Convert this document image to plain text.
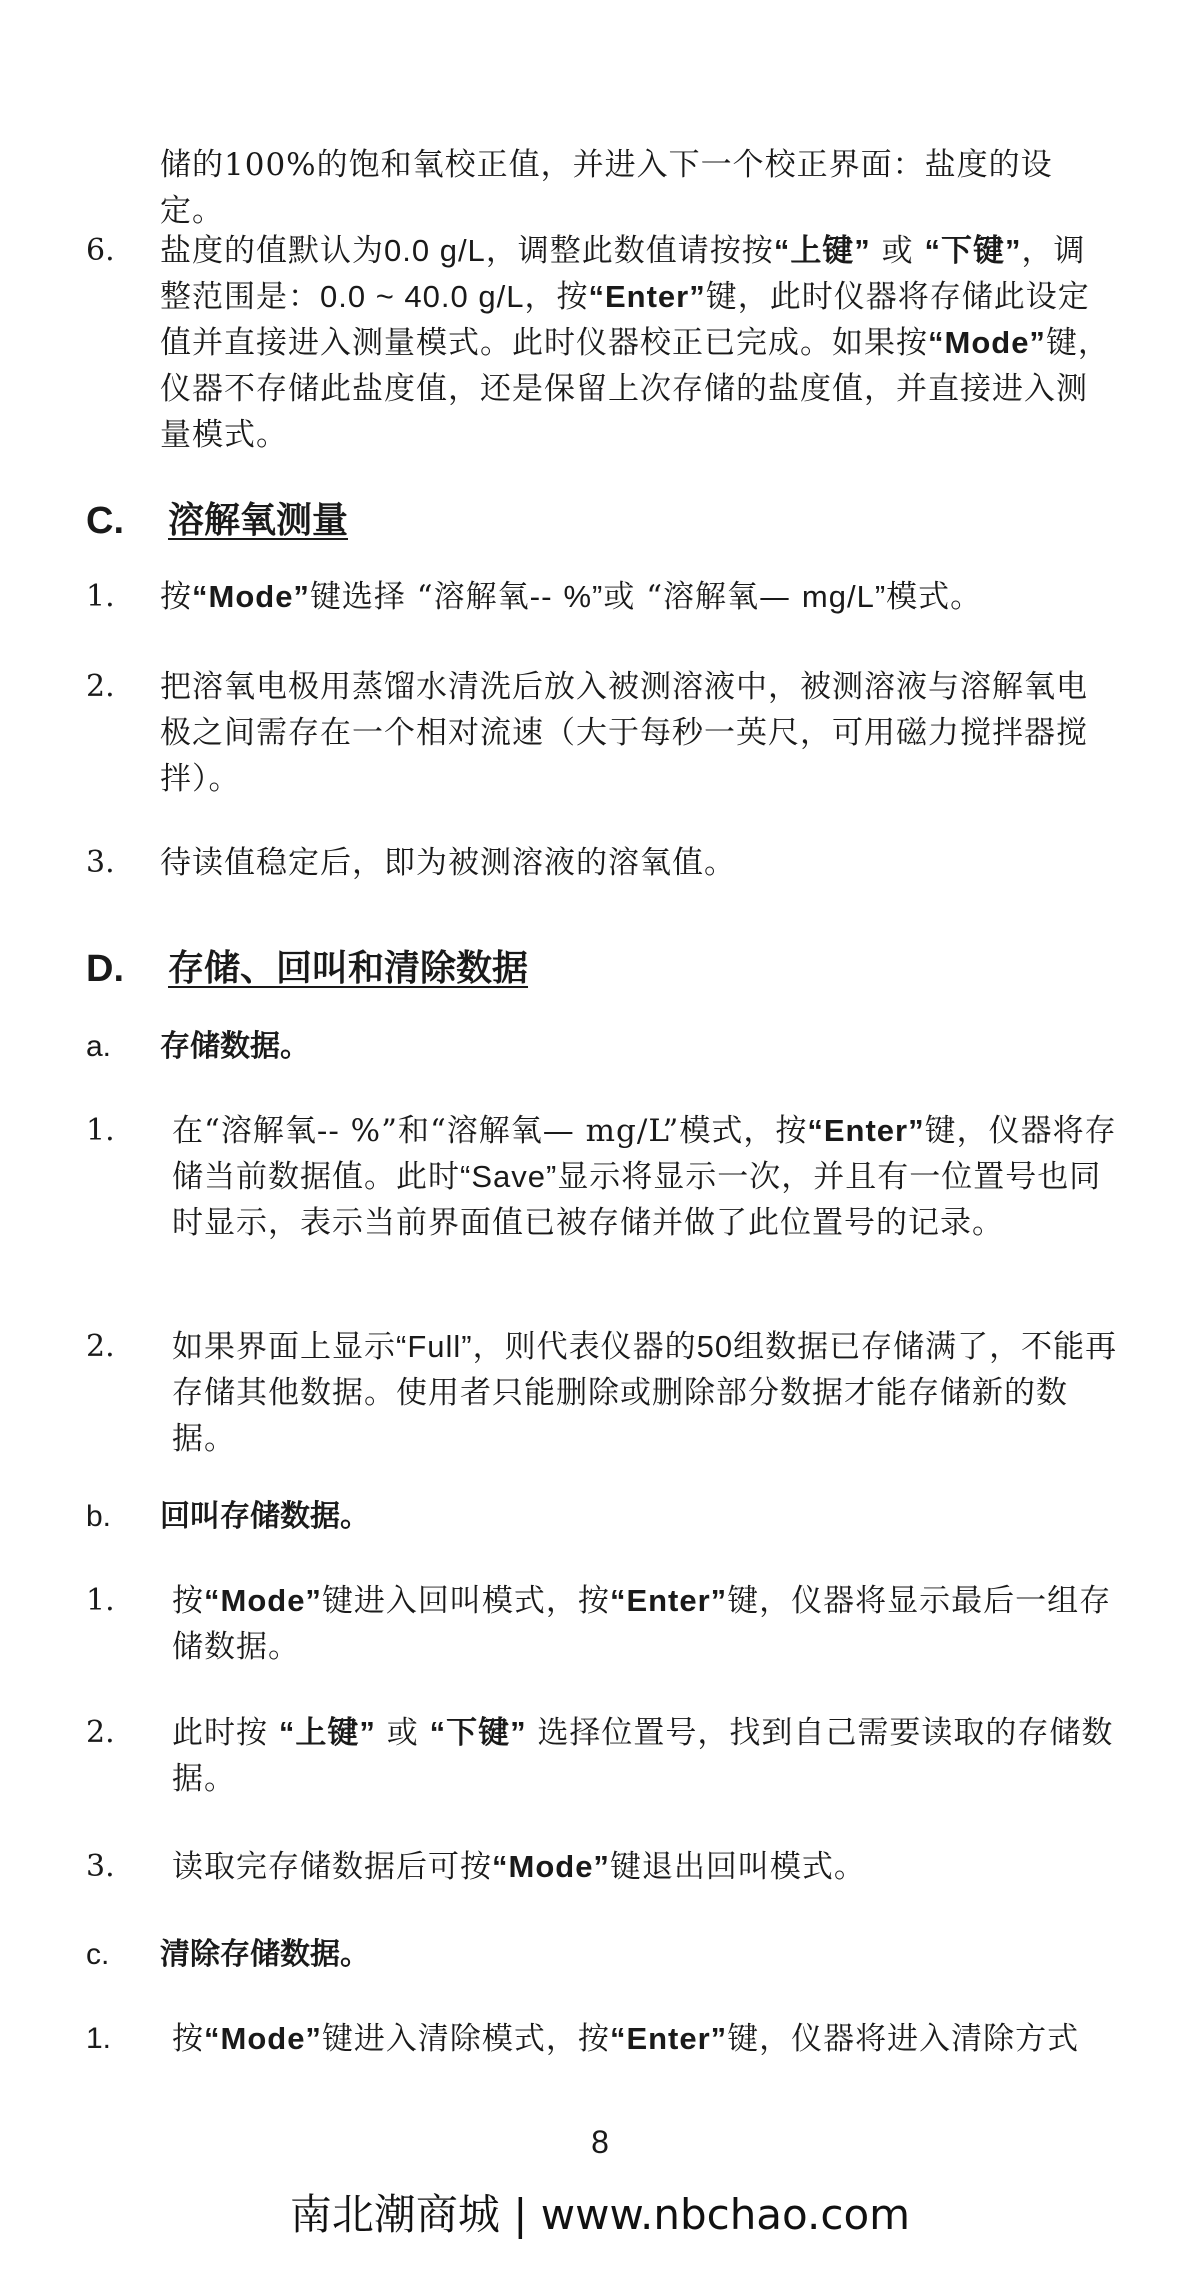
储的100%的饱和氧校正值，并进入下一个校正界面：盐度的设定。
6. 盐度的值默认为0.0 g/L，调整此数值请按按“上键” 或 “下键”，调整范围是：0.0 ~ 40.0 g/L，按“Enter”键，此时仪器将存储此设定值并直接进入测量模式。此时仪器校正已完成。如果按“Mode”键，仪器不存储此盐度值，还是保留上次存储的盐度值，并直接进入测量模式。
C. 溶解氧测量
1. 按“Mode”键选择 “溶解氧-- %”或 “溶解氧— mg/L”模式。
2. 把溶氧电极用蒸馏水清洗后放入被测溶液中，被测溶液与溶解氧电极之间需存在一个相对流速（大于每秒一英尺，可用磁力搅拌器搅拌）。
3. 待读值稳定后，即为被测溶液的溶氧值。
D. 存储、回叫和清除数据
a. 存储数据。
1. 在“溶解氧-- %”和“溶解氧— mg/L”模式，按“Enter”键，仪器将存储当前数据值。此时“Save”显示将显示一次，并且有一位置号也同时显示，表示当前界面值已被存储并做了此位置号的记录。
2. 如果界面上显示“Full”，则代表仪器的50组数据已存储满了，不能再存储其他数据。使用者只能删除或删除部分数据才能存储新的数据。
b. 回叫存储数据。
1. 按“Mode”键进入回叫模式，按“Enter”键，仪器将显示最后一组存储数据。
2. 此时按 “上键” 或 “下键” 选择位置号，找到自己需要读取的存储数据。
3. 读取完存储数据后可按“Mode”键退出回叫模式。
c. 清除存储数据。
1. 按“Mode”键进入清除模式，按“Enter”键，仪器将进入清除方式
8
南北潮商城 | www.nbchao.com
